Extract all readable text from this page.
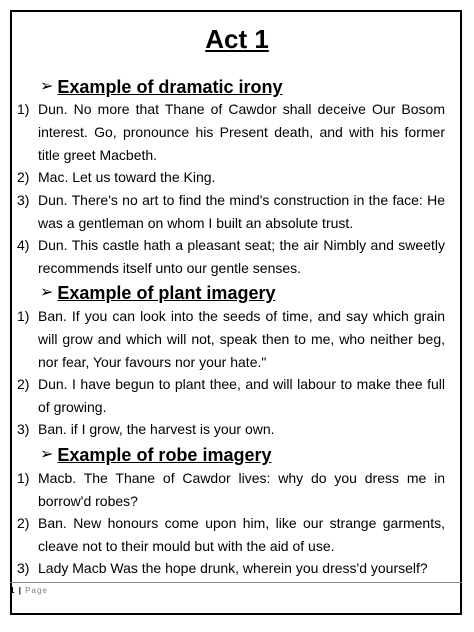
Act 1
➢ Example of dramatic irony
1) Dun. No more that Thane of Cawdor shall deceive Our Bosom interest. Go, pronounce his Present death, and with his former title greet Macbeth.
2) Mac. Let us toward the King.
3) Dun. There's no art to find the mind's construction in the face: He was a gentleman on whom I built an absolute trust.
4) Dun. This castle hath a pleasant seat; the air Nimbly and sweetly recommends itself unto our gentle senses.
➢ Example of plant imagery
1) Ban. If you can look into the seeds of time, and say which grain will grow and which will not, speak then to me, who neither beg, nor fear, Your favours nor your hate."
2) Dun. I have begun to plant thee, and will labour to make thee full of growing.
3) Ban. if I grow, the harvest is your own.
➢ Example of robe imagery
1) Macb. The Thane of Cawdor lives: why do you dress me in borrow'd robes?
2) Ban. New honours come upon him, like our strange garments, cleave not to their mould but with the aid of use.
3) Lady Macb Was the hope drunk, wherein you dress'd yourself?
1 | Page
